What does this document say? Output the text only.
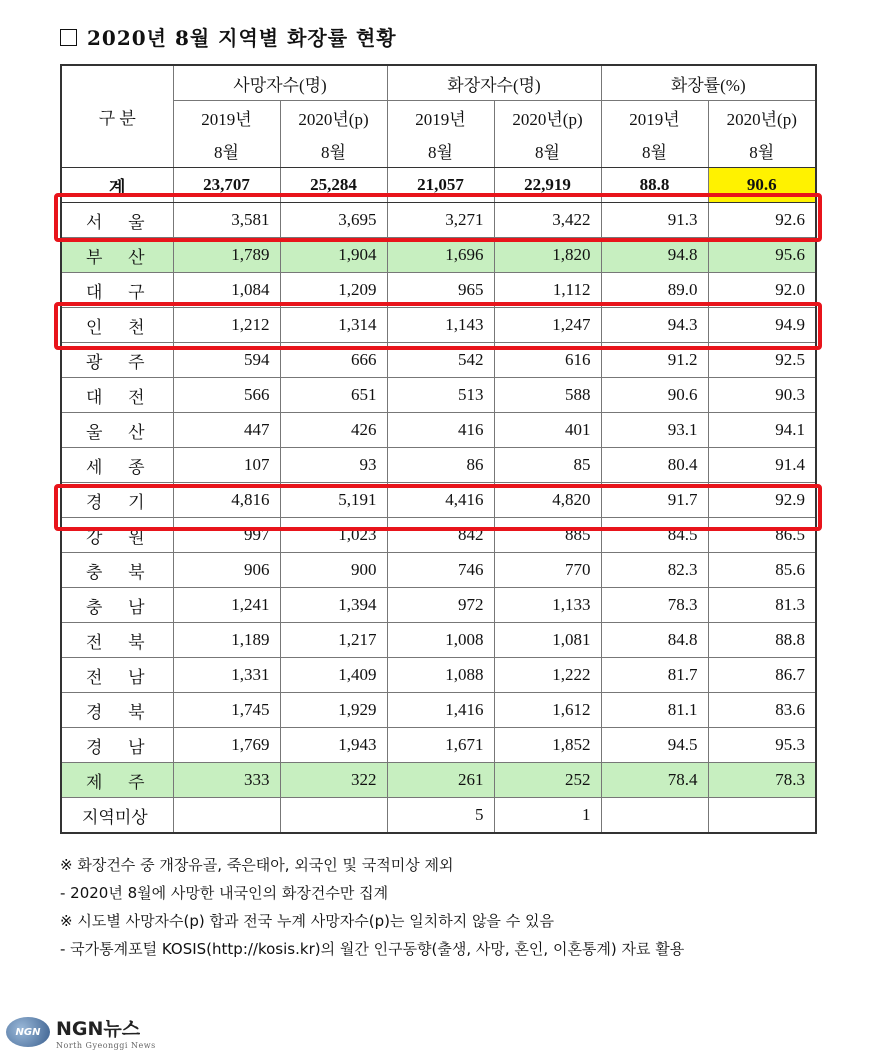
2020년 8월 지역별 화장률 현황
구 분	사망자수(명)		화장자수(명)		화장률(%)	
	2019년	2020년(p)	2019년	2020년(p)	2019년	2020년(p)
	8월	8월	8월	8월	8월	8월
계	23,707	25,284	21,057	22,919	88.8	90.6

서 울	3,581	3,695	3,271	3,422	91.3	92.6

부 산	1,789	1,904	1,696	1,820	94.8	95.6

대 구	1,084	1,209	965	1,112	89.0	92.0

인 천	1,212	1,314	1,143	1,247	94.3	94.9

광 주	594	666	542	616	91.2	92.5

대 전	566	651	513	588	90.6	90.3

울 산	447	426	416	401	93.1	94.1

세 종	107	93	86	85	80.4	91.4

경 기	4,816	5,191	4,416	4,820	91.7	92.9

강 원	997	1,023	842	885	84.5	86.5

충 북	906	900	746	770	82.3	85.6

충 남	1,241	1,394	972	1,133	78.3	81.3

전 북	1,189	1,217	1,008	1,081	84.8	88.8

전 남	1,331	1,409	1,088	1,222	81.7	86.7

경 북	1,745	1,929	1,416	1,612	81.1	83.6

경 남	1,769	1,943	1,671	1,852	94.5	95.3

제 주	333	322	261	252	78.4	78.3
지역미상			5	1		
※ 화장건수 중 개장유골, 죽은태아, 외국인 및 국적미상 제외
- 2020년 8월에 사망한 내국인의 화장건수만 집계
※ 시도별 사망자수(p) 합과 전국 누계 사망자수(p)는 일치하지 않을 수 있음
- 국가통계포털 KOSIS(http://kosis.kr)의 월간 인구동향(출생, 사망, 혼인, 이혼통계) 자료 활용
NGN NGN뉴스
North Gyeonggi News
